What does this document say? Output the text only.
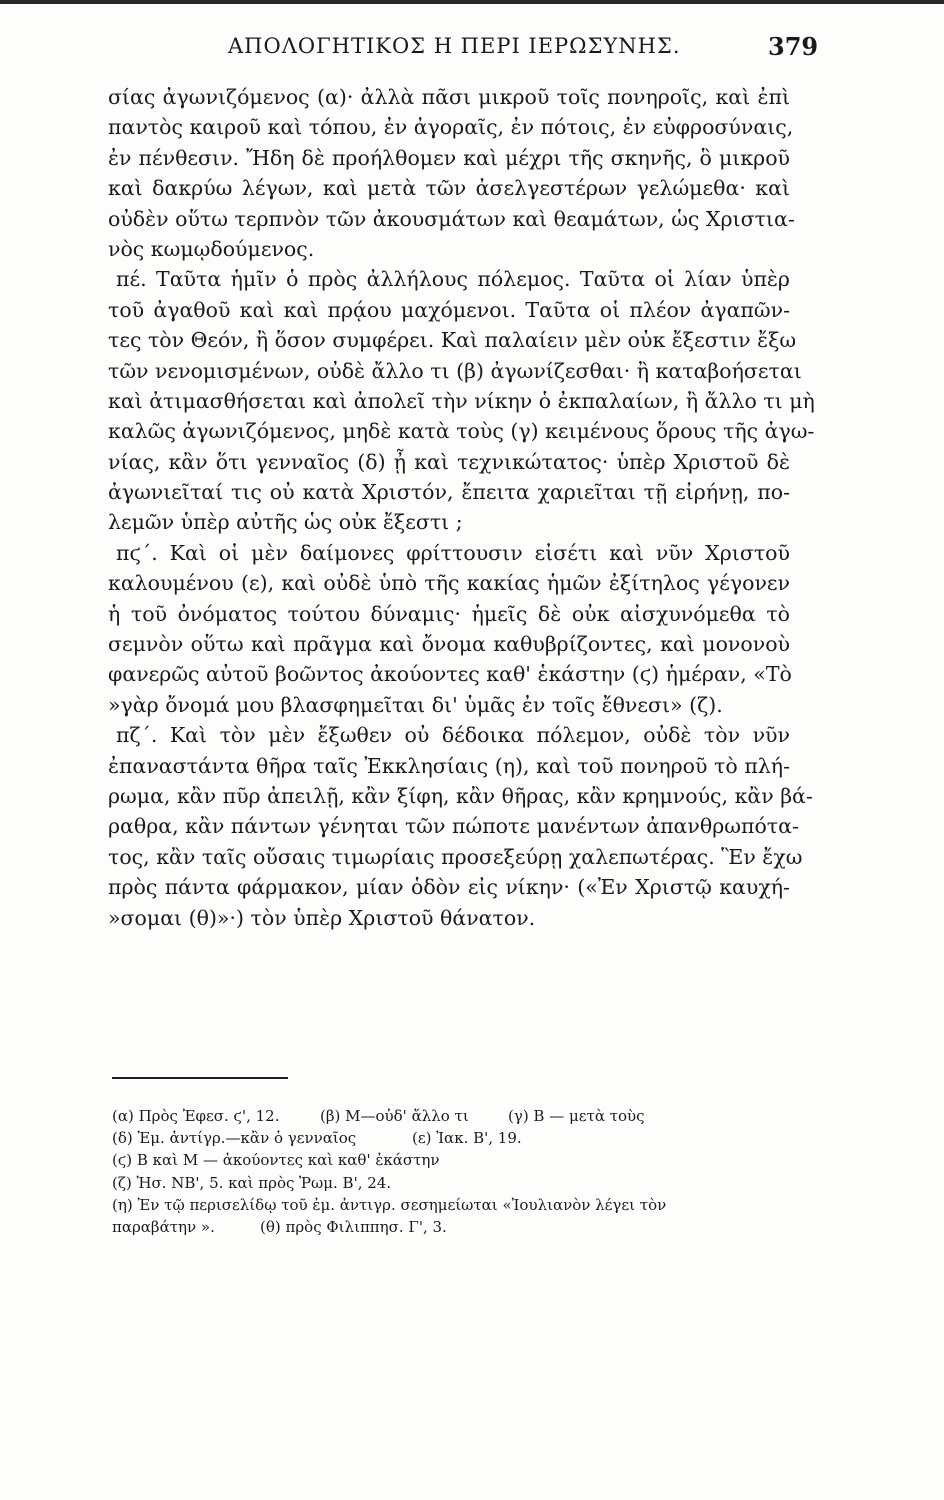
ΑΠΟΛΟΓΗΤΙΚΟΣ Η ΠΕΡΙ ΙΕΡΩΣΥΝΗΣ.	379
σίας ἀγωνιζόμενος (α)· ἀλλὰ πᾶσι μικροῦ τοῖς πονηροῖς, καὶ ἐπὶ
παντὸς καιροῦ καὶ τόπου, ἐν ἀγοραῖς, ἐν πότοις, ἐν εὐφροσύναις,
ἐν πένθεσιν. Ἤδη δὲ προήλθομεν καὶ μέχρι τῆς σκηνῆς, ὃ μικροῦ
καὶ δακρύω λέγων, καὶ μετὰ τῶν ἀσελγεστέρων γελώμεθα· καὶ
οὐδὲν οὕτω τερπνὸν τῶν ἀκουσμάτων καὶ θεαμάτων, ὡς Χριστια-
νὸς κωμῳδούμενος.
πέ. Ταῦτα ἡμῖν ὁ πρὸς ἀλλήλους πόλεμος. Ταῦτα οἱ λίαν ὑπὲρ
τοῦ ἀγαθοῦ καὶ καὶ πρᾴου μαχόμενοι. Ταῦτα οἱ πλέον ἀγαπῶν-
τες τὸν Θεόν, ἢ ὅσον συμφέρει. Καὶ παλαίειν μὲν οὐκ ἔξεστιν ἔξω
τῶν νενομισμένων, οὐδὲ ἄλλο τι (β) ἀγωνίζεσθαι· ἢ καταβοήσεται
καὶ ἀτιμασθήσεται καὶ ἀπολεῖ τὴν νίκην ὁ ἐκπαλαίων, ἢ ἄλλο τι μὴ
καλῶς ἀγωνιζόμενος, μηδὲ κατὰ τοὺς (γ) κειμένους ὅρους τῆς ἀγω-
νίας, κἂν ὅτι γενναῖος (δ) ᾖ καὶ τεχνικώτατος· ὑπὲρ Χριστοῦ δὲ
ἀγωνιεῖταί τις οὐ κατὰ Χριστόν, ἔπειτα χαριεῖται τῇ εἰρήνῃ, πο-
λεμῶν ὑπὲρ αὐτῆς ὡς οὐκ ἔξεστι ;
πϛ΄. Καὶ οἱ μὲν δαίμονες φρίττουσιν εἰσέτι καὶ νῦν Χριστοῦ
καλουμένου (ε), καὶ οὐδὲ ὑπὸ τῆς κακίας ἡμῶν ἐξίτηλος γέγονεν
ἡ τοῦ ὀνόματος τούτου δύναμις· ἡμεῖς δὲ οὐκ αἰσχυνόμεθα τὸ
σεμνὸν οὕτω καὶ πρᾶγμα καὶ ὄνομα καθυβρίζοντες, καὶ μονονοὺ
φανερῶς αὐτοῦ βοῶντος ἀκούοντες καθ' ἑκάστην (ϛ) ἡμέραν, «Τὸ
»γὰρ ὄνομά μου βλασφημεῖται δι' ὑμᾶς ἐν τοῖς ἔθνεσι» (ζ).
πζ΄. Καὶ τὸν μὲν ἔξωθεν οὐ δέδοικα πόλεμον, οὐδὲ τὸν νῦν
ἐπαναστάντα θῆρα ταῖς Ἐκκλησίαις (η), καὶ τοῦ πονηροῦ τὸ πλή-
ρωμα, κἂν πῦρ ἀπειλῇ, κἂν ξίφη, κἂν θῆρας, κἂν κρημνούς, κἂν βά-
ραθρα, κἂν πάντων γένηται τῶν πώποτε μανέντων ἀπανθρωπότα-
τος, κἂν ταῖς οὔσαις τιμωρίαις προσεξεύρῃ χαλεπωτέρας. Ἓν ἔχω
πρὸς πάντα φάρμακον, μίαν ὁδὸν εἰς νίκην· («Ἐν Χριστῷ καυχή-
»σομαι (θ)»·) τὸν ὑπὲρ Χριστοῦ θάνατον.
(α) Πρὸς Ἐφεσ. ϛ', 12.	(β) Μ—οὐδ' ἄλλο τι	(γ) Β — μετὰ τοὺς
(δ) Ἐμ. ἀντίγρ.—κἂν ὁ γενναῖος	(ε) Ἰακ. Β', 19.
(ϛ) Β καὶ Μ — ἀκούοντες καὶ καθ' ἑκάστην
(ζ) Ἡσ. ΝΒ', 5. καὶ πρὸς Ῥωμ. Β', 24.
(η) Ἐν τῷ περισελίδῳ τοῦ ἐμ. ἀντιγρ. σεσημείωται «Ἰουλιανὸν λέγει τὸν
παραβάτην ».	(θ) πρὸς Φιλιππησ. Γ', 3.
